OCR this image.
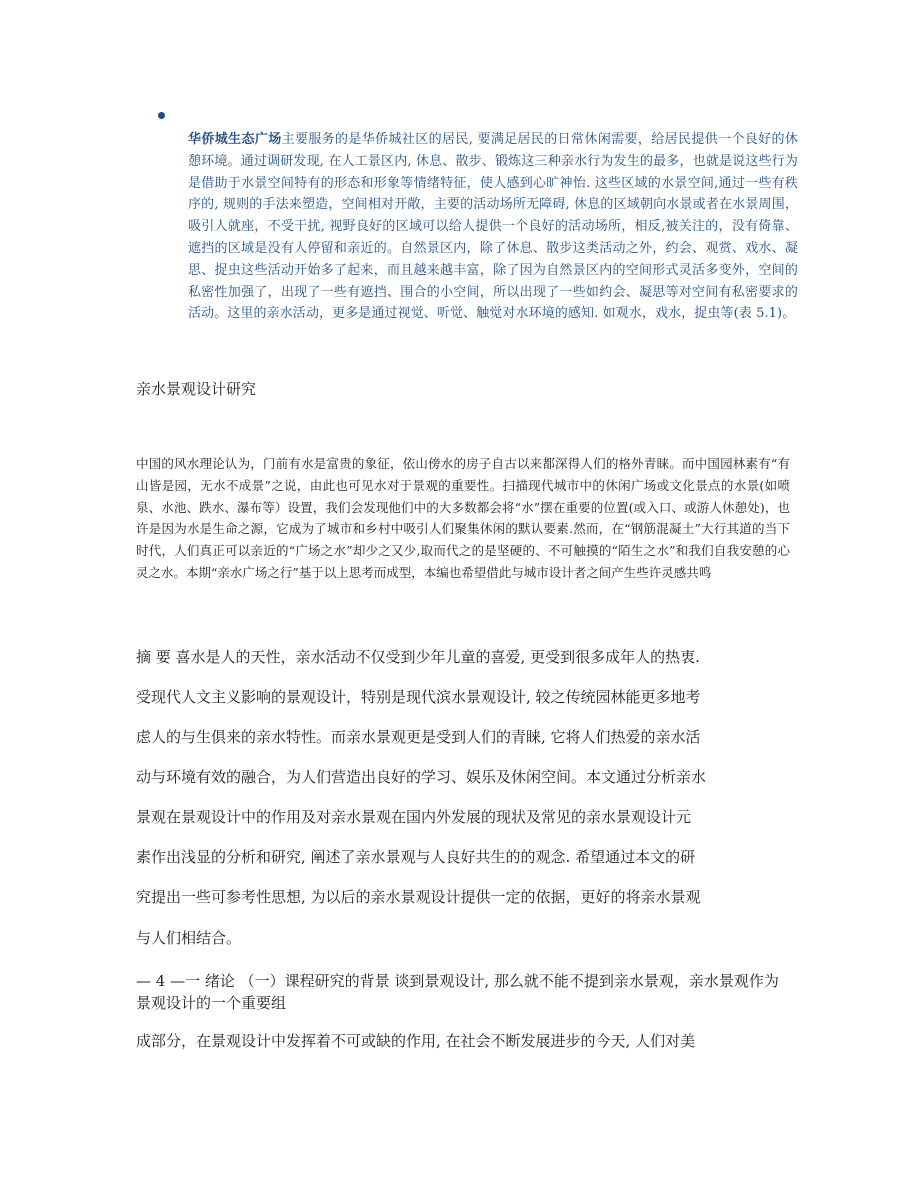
华侨城生态广场主要服务的是华侨城社区的居民, 要满足居民的日常休闲需要，给居民提供一个良好的休憩环境。通过调研发现, 在人工景区内, 休息、散步、锻炼这三种亲水行为发生的最多，也就是说这些行为是借助于水景空间特有的形态和形象等情绪特征，使人感到心旷神怡. 这些区域的水景空间,通过一些有秩序的, 规则的手法来塑造，空间相对开敞，主要的活动场所无障碍, 休息的区域朝向水景或者在水景周围，吸引人就座，不受干扰, 视野良好的区域可以给人提供一个良好的活动场所，相反,被关注的，没有倚靠、遮挡的区域是没有人停留和亲近的。自然景区内，除了休息、散步这类活动之外，约会、观赏、戏水、凝思、捉虫这些活动开始多了起来，而且越来越丰富，除了因为自然景区内的空间形式灵活多变外，空间的私密性加强了，出现了一些有遮挡、围合的小空间，所以出现了一些如约会、凝思等对空间有私密要求的活动。这里的亲水活动，更多是通过视觉、听觉、触觉对水环境的感知. 如观水，戏水，捉虫等(表 5.1)。
亲水景观设计研究
中国的风水理论认为，门前有水是富贵的象征，依山傍水的房子自古以来都深得人们的格外青睐。而中国园林素有“有山皆是园，无水不成景”之说，由此也可见水对于景观的重要性。扫描现代城市中的休闲广场或文化景点的水景(如喷泉、水池、跌水、瀑布等）设置，我们会发现他们中的大多数都会将“水”摆在重要的位置(或入口、或游人休憩处)，也许是因为水是生命之源，它成为了城市和乡村中吸引人们聚集休闲的默认要素.然而，在“钢筋混凝土”大行其道的当下时代，人们真正可以亲近的“广场之水”却少之又少,取而代之的是坚硬的、不可触摸的“陌生之水”和我们自我安憩的心灵之水。本期“亲水广场之行”基于以上思考而成型，本编也希望借此与城市设计者之间产生些许灵感共鸣
摘 要 喜水是人的天性，亲水活动不仅受到少年儿童的喜爱, 更受到很多成年人的热衷.
受现代人文主义影响的景观设计，特别是现代滨水景观设计, 较之传统园林能更多地考
虑人的与生俱来的亲水特性。而亲水景观更是受到人们的青睐, 它将人们热爱的亲水活
动与环境有效的融合，为人们营造出良好的学习、娱乐及休闲空间。本文通过分析亲水
景观在景观设计中的作用及对亲水景观在国内外发展的现状及常见的亲水景观设计元
素作出浅显的分析和研究, 阐述了亲水景观与人良好共生的的观念. 希望通过本文的研
究提出一些可参考性思想, 为以后的亲水景观设计提供一定的依据，更好的将亲水景观
与人们相结合。
— 4 —一 绪论 （一）课程研究的背景 谈到景观设计, 那么就不能不提到亲水景观，亲水景观作为景观设计的一个重要组
成部分，在景观设计中发挥着不可或缺的作用, 在社会不断发展进步的今天, 人们对美
